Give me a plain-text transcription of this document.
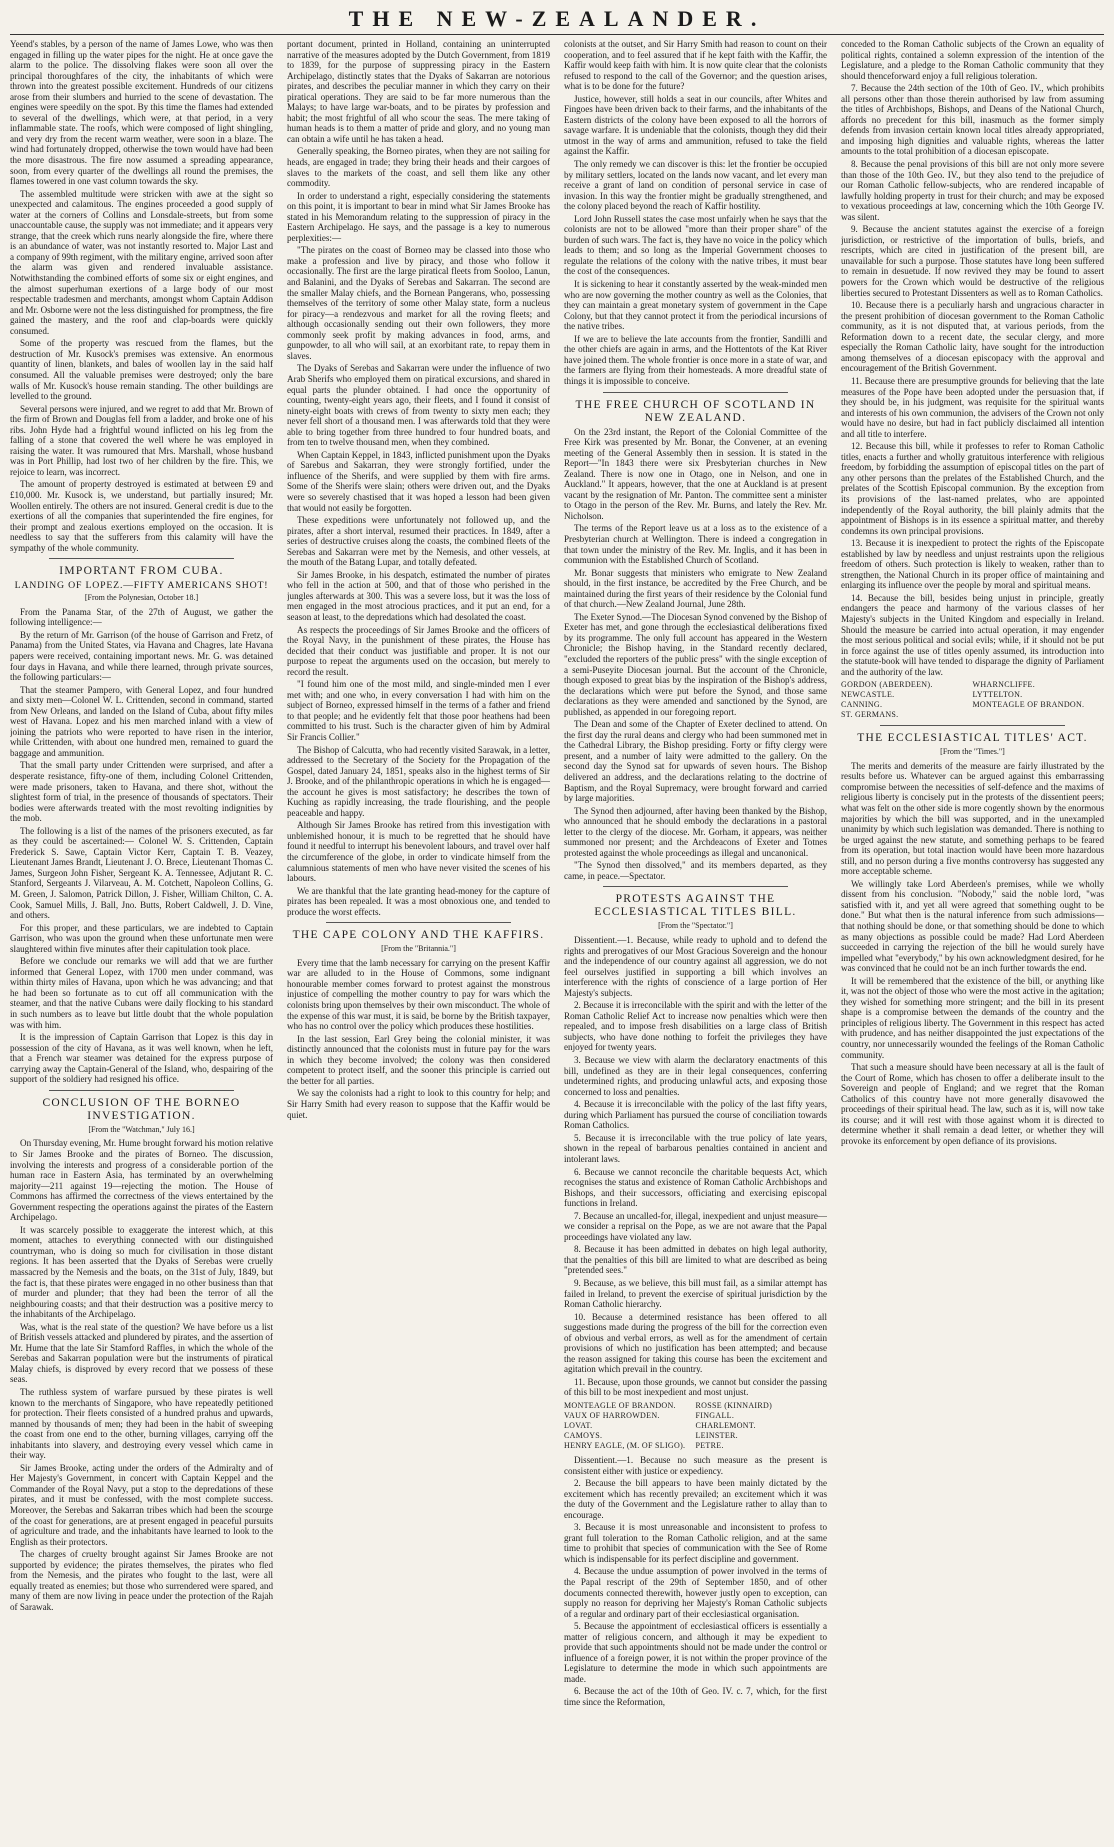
THE NEW-ZEALANDER.

Yeend's stables, by a person of the name of James Lowe, who was then engaged in filling up the water pipes for the night. He at once gave the alarm to the police. The dissolving flakes were soon all over the principal thoroughfares of the city, the inhabitants of which were thrown into the greatest possible excitement. Hundreds of our citizens arose from their slumbers and hurried to the scene of devastation. The engines were speedily on the spot. By this time the flames had extended to several of the dwellings, which were, at that period, in a very inflammable state. The roofs, which were composed of light shingling, and very dry from the recent warm weather, were soon in a blaze. The wind had fortunately dropped, otherwise the town would have had been the more disastrous. The fire now assumed a spreading appearance, soon, from every quarter of the dwellings all round the premises, the flames towered in one vast column towards the sky.

The assembled multitude were stricken with awe at the sight so unexpected and calamitous. The engines proceeded a good supply of water at the corners of Collins and Lonsdale-streets, but from some unaccountable cause, the supply was not immediate; and it appears very strange, that the creek which runs nearly alongside the fire, where there is an abundance of water, was not instantly resorted to. Major Last and a company of 99th regiment, with the military engine, arrived soon after the alarm was given and rendered invaluable assistance. Notwithstanding the combined efforts of some six or eight engines, and the almost superhuman exertions of a large body of our most respectable tradesmen and merchants, amongst whom Captain Addison and Mr. Osborne were not the less distinguished for promptness, the fire gained the mastery, and the roof and clap-boards were quickly consumed.

Some of the property was rescued from the flames, but the destruction of Mr. Kusock's premises was extensive. An enormous quantity of linen, blankets, and bales of woollen lay in the said half consumed. All the valuable premises were destroyed; only the bare walls of Mr. Kusock's house remain standing. The other buildings are levelled to the ground.

Several persons were injured, and we regret to add that Mr. Brown of the firm of Brown and Douglas fell from a ladder, and broke one of his ribs. John Hyde had a frightful wound inflicted on his leg from the falling of a stone that covered the well where he was employed in raising the water. It was rumoured that Mrs. Marshall, whose husband was in Port Phillip, had lost two of her children by the fire. This, we rejoice to learn, was incorrect.

The amount of property destroyed is estimated at between £9 and £10,000. Mr. Kusock is, we understand, but partially insured; Mr. Woollen entirely. The others are not insured. General credit is due to the exertions of all the companies that superintended the fire engines, for their prompt and zealous exertions employed on the occasion. It is needless to say that the sufferers from this calamity will have the sympathy of the whole community.

IMPORTANT FROM CUBA.
LANDING OF LOPEZ.—FIFTY AMERICANS SHOT!
[From the Polynesian, October 18.]

From the Panama Star, of the 27th of August, we gather the following intelligence:—

By the return of Mr. Garrison (of the house of Garrison and Fretz, of Panama) from the United States, via Havana and Chagres, late Havana papers were received, containing important news. Mr. G. was detained four days in Havana, and while there learned, through private sources, the following particulars:—

That the steamer Pampero, with General Lopez, and four hundred and sixty men—Colonel W. L. Crittenden, second in command, started from New Orleans, and landed on the Island of Cuba, about fifty miles west of Havana. Lopez and his men marched inland with a view of joining the patriots who were reported to have risen in the interior, while Crittenden, with about one hundred men, remained to guard the baggage and ammunition.

That the small party under Crittenden were surprised, and after a desperate resistance, fifty-one of them, including Colonel Crittenden, were made prisoners, taken to Havana, and there shot, without the slightest form of trial, in the presence of thousands of spectators. Their bodies were afterwards treated with the most revolting indignities by the mob.

The following is a list of the names of the prisoners executed, as far as they could be ascertained:— Colonel W. S. Crittenden, Captain Frederick S. Sawe, Captain Victor Kerr, Captain T. B. Veazey, Lieutenant James Brandt, Lieutenant J. O. Brece, Lieutenant Thomas C. James, Surgeon John Fisher, Sergeant K. A. Tennessee, Adjutant R. C. Stanford, Sergeants J. Vilarveau, A. M. Cotchett, Napoleon Collins, G. M. Green, J. Salomon, Patrick Dillon, J. Fisher, William Chilton, C. A. Cook, Samuel Mills, J. Ball, Jno. Butts, Robert Caldwell, J. D. Vine, and others.

For this proper, and these particulars, we are indebted to Captain Garrison, who was upon the ground when these unfortunate men were slaughtered within five minutes after their capitulation took place.

Before we conclude our remarks we will add that we are further informed that General Lopez, with 1700 men under command, was within thirty miles of Havana, upon which he was advancing; and that he had been so fortunate as to cut off all communication with the steamer, and that the native Cubans were daily flocking to his standard in such numbers as to leave but little doubt that the whole population was with him.

It is the impression of Captain Garrison that Lopez is this day in possession of the city of Havana, as it was well known, when he left, that a French war steamer was detained for the express purpose of carrying away the Captain-General of the Island, who, despairing of the support of the soldiery had resigned his office.

CONCLUSION OF THE BORNEO INVESTIGATION.
[From the "Watchman," July 16.]

On Thursday evening, Mr. Hume brought forward his motion relative to Sir James Brooke and the pirates of Borneo. The discussion, involving the interests and progress of a considerable portion of the human race in Eastern Asia, has terminated by an overwhelming majority—211 against 19—rejecting the motion. The House of Commons has affirmed the correctness of the views entertained by the Government respecting the operations against the pirates of the Eastern Archipelago.

It was scarcely possible to exaggerate the interest which, at this moment, attaches to everything connected with our distinguished countryman, who is doing so much for civilisation in those distant regions. It has been asserted that the Dyaks of Serebas were cruelly massacred by the Nemesis and the boats, on the 31st of July, 1849, but the fact is, that these pirates were engaged in no other business than that of murder and plunder; that they had been the terror of all the neighbouring coasts; and that their destruction was a positive mercy to the inhabitants of the Archipelago.

Was, what is the real state of the question? We have before us a list of British vessels attacked and plundered by pirates, and the assertion of Mr. Hume that the late Sir Stamford Raffles, in which the whole of the Serebas and Sakarran population were but the instruments of piratical Malay chiefs, is disproved by every record that we possess of these seas.

The ruthless system of warfare pursued by these pirates is well known to the merchants of Singapore, who have repeatedly petitioned for protection. Their fleets consisted of a hundred prahus and upwards, manned by thousands of men; they had been in the habit of sweeping the coast from one end to the other, burning villages, carrying off the inhabitants into slavery, and destroying every vessel which came in their way.

Sir James Brooke, acting under the orders of the Admiralty and of Her Majesty's Government, in concert with Captain Keppel and the Commander of the Royal Navy, put a stop to the depredations of these pirates, and it must be confessed, with the most complete success. Moreover, the Serebas and Sakarran tribes which had been the scourge of the coast for generations, are at present engaged in peaceful pursuits of agriculture and trade, and the inhabitants have learned to look to the English as their protectors.

The charges of cruelty brought against Sir James Brooke are not supported by evidence; the pirates themselves, the pirates who fled from the Nemesis, and the pirates who fought to the last, were all equally treated as enemies; but those who surrendered were spared, and many of them are now living in peace under the protection of the Rajah of Sarawak.

portant document, printed in Holland, containing an uninterrupted narrative of the measures adopted by the Dutch Government, from 1819 to 1839, for the purpose of suppressing piracy in the Eastern Archipelago, distinctly states that the Dyaks of Sakarran are notorious pirates, and describes the peculiar manner in which they carry on their piratical operations. They are said to be far more numerous than the Malays; to have large war-boats, and to be pirates by profession and habit; the most frightful of all who scour the seas. The mere taking of human heads is to them a matter of pride and glory, and no young man can obtain a wife until he has taken a head.

Generally speaking, the Borneo pirates, when they are not sailing for heads, are engaged in trade; they bring their heads and their cargoes of slaves to the markets of the coast, and sell them like any other commodity.

In order to understand a right, especially considering the statements on this point, it is important to bear in mind what Sir James Brooke has stated in his Memorandum relating to the suppression of piracy in the Eastern Archipelago. He says, and the passage is a key to numerous perplexities:—

"The pirates on the coast of Borneo may be classed into those who make a profession and live by piracy, and those who follow it occasionally. The first are the large piratical fleets from Sooloo, Lanun, and Balanini, and the Dyaks of Serebas and Sakarran. The second are the smaller Malay chiefs, and the Bornean Pangerans, who, possessing themselves of the territory of some other Malay state, form a nucleus for piracy—a rendezvous and market for all the roving fleets; and although occasionally sending out their own followers, they more commonly seek profit by making advances in food, arms, and gunpowder, to all who will sail, at an exorbitant rate, to repay them in slaves.

The Dyaks of Serebas and Sakarran were under the influence of two Arab Sherifs who employed them on piratical excursions, and shared in equal parts the plunder obtained. I had once the opportunity of counting, twenty-eight years ago, their fleets, and I found it consist of ninety-eight boats with crews of from twenty to sixty men each; they never fell short of a thousand men. I was afterwards told that they were able to bring together from three hundred to four hundred boats, and from ten to twelve thousand men, when they combined.

When Captain Keppel, in 1843, inflicted punishment upon the Dyaks of Sarebus and Sakarran, they were strongly fortified, under the influence of the Sherifs, and were supplied by them with fire arms. Some of the Sherifs were slain; others were driven out, and the Dyaks were so severely chastised that it was hoped a lesson had been given that would not easily be forgotten.

These expeditions were unfortunately not followed up, and the pirates, after a short interval, resumed their practices. In 1849, after a series of destructive cruises along the coasts, the combined fleets of the Serebas and Sakarran were met by the Nemesis, and other vessels, at the mouth of the Batang Lupar, and totally defeated.

Sir James Brooke, in his despatch, estimated the number of pirates who fell in the action at 500, and that of those who perished in the jungles afterwards at 300. This was a severe loss, but it was the loss of men engaged in the most atrocious practices, and it put an end, for a season at least, to the depredations which had desolated the coast.

As respects the proceedings of Sir James Brooke and the officers of the Royal Navy, in the punishment of these pirates, the House has decided that their conduct was justifiable and proper. It is not our purpose to repeat the arguments used on the occasion, but merely to record the result.

"I found him one of the most mild, and single-minded men I ever met with; and one who, in every conversation I had with him on the subject of Borneo, expressed himself in the terms of a father and friend to that people; and he evidently felt that those poor heathens had been committed to his trust. Such is the character given of him by Admiral Sir Francis Collier."

The Bishop of Calcutta, who had recently visited Sarawak, in a letter, addressed to the Secretary of the Society for the Propagation of the Gospel, dated January 24, 1851, speaks also in the highest terms of Sir J. Brooke, and of the philanthropic operations in which he is engaged—the account he gives is most satisfactory; he describes the town of Kuching as rapidly increasing, the trade flourishing, and the people peaceable and happy.

Although Sir James Brooke has retired from this investigation with unblemished honour, it is much to be regretted that he should have found it needful to interrupt his benevolent labours, and travel over half the circumference of the globe, in order to vindicate himself from the calumnious statements of men who have never visited the scenes of his labours.

We are thankful that the late granting head-money for the capture of pirates has been repealed. It was a most obnoxious one, and tended to produce the worst effects.

THE CAPE COLONY AND THE KAFFIRS.
[From the "Britannia."]

Every time that the lamb necessary for carrying on the present Kaffir war are alluded to in the House of Commons, some indignant honourable member comes forward to protest against the monstrous injustice of compelling the mother country to pay for wars which the colonists bring upon themselves by their own misconduct. The whole of the expense of this war must, it is said, be borne by the British taxpayer, who has no control over the policy which produces these hostilities.

In the last session, Earl Grey being the colonial minister, it was distinctly announced that the colonists must in future pay for the wars in which they become involved; the colony was then considered competent to protect itself, and the sooner this principle is carried out the better for all parties.

We say the colonists had a right to look to this country for help; and Sir Harry Smith had every reason to suppose that the Kaffir would be quiet.

colonists at the outset, and Sir Harry Smith had reason to count on their cooperation, and to feel assured that if he kept faith with the Kaffir, the Kaffir would keep faith with him. It is now quite clear that the colonists refused to respond to the call of the Governor; and the question arises, what is to be done for the future?

Justice, however, still holds a seat in our councils, after Whites and Fingoes have been driven back to their farms, and the inhabitants of the Eastern districts of the colony have been exposed to all the horrors of savage warfare. It is undeniable that the colonists, though they did their utmost in the way of arms and ammunition, refused to take the field against the Kaffir.

The only remedy we can discover is this: let the frontier be occupied by military settlers, located on the lands now vacant, and let every man receive a grant of land on condition of personal service in case of invasion. In this way the frontier might be gradually strengthened, and the colony placed beyond the reach of Kaffir hostility.

Lord John Russell states the case most unfairly when he says that the colonists are not to be allowed "more than their proper share" of the burden of such wars. The fact is, they have no voice in the policy which leads to them; and so long as the Imperial Government chooses to regulate the relations of the colony with the native tribes, it must bear the cost of the consequences.

It is sickening to hear it constantly asserted by the weak-minded men who are now governing the mother country as well as the Colonies, that they can maintain a great monetary system of government in the Cape Colony, but that they cannot protect it from the periodical incursions of the native tribes.

If we are to believe the late accounts from the frontier, Sandilli and the other chiefs are again in arms, and the Hottentots of the Kat River have joined them. The whole frontier is once more in a state of war, and the farmers are flying from their homesteads. A more dreadful state of things it is impossible to conceive.

THE FREE CHURCH OF SCOTLAND IN NEW ZEALAND.

On the 23rd instant, the Report of the Colonial Committee of the Free Kirk was presented by Mr. Bonar, the Convener, at an evening meeting of the General Assembly then in session. It is stated in the Report—"In 1843 there were six Presbyterian churches in New Zealand. There is now one in Otago, one in Nelson, and one in Auckland." It appears, however, that the one at Auckland is at present vacant by the resignation of Mr. Panton. The committee sent a minister to Otago in the person of the Rev. Mr. Burns, and lately the Rev. Mr. Nicholson.

The terms of the Report leave us at a loss as to the existence of a Presbyterian church at Wellington. There is indeed a congregation in that town under the ministry of the Rev. Mr. Inglis, and it has been in communion with the Established Church of Scotland.

Mr. Bonar suggests that ministers who emigrate to New Zealand should, in the first instance, be accredited by the Free Church, and be maintained during the first years of their residence by the Colonial fund of that church.—New Zealand Journal, June 28th.

The Exeter Synod.—The Diocesan Synod convened by the Bishop of Exeter has met, and gone through the ecclesiastical deliberations fixed by its programme. The only full account has appeared in the Western Chronicle; the Bishop having, in the Standard recently declared, "excluded the reporters of the public press" with the single exception of a semi-Puseyite Diocesan journal. But the account of the Chronicle, though exposed to great bias by the inspiration of the Bishop's address, the declarations which were put before the Synod, and those same declarations as they were amended and sanctioned by the Synod, are published, as appended in our foregoing report.

The Dean and some of the Chapter of Exeter declined to attend. On the first day the rural deans and clergy who had been summoned met in the Cathedral Library, the Bishop presiding. Forty or fifty clergy were present, and a number of laity were admitted to the gallery. On the second day the Synod sat for upwards of seven hours. The Bishop delivered an address, and the declarations relating to the doctrine of Baptism, and the Royal Supremacy, were brought forward and carried by large majorities.

The Synod then adjourned, after having been thanked by the Bishop, who announced that he should embody the declarations in a pastoral letter to the clergy of the diocese. Mr. Gorham, it appears, was neither summoned nor present; and the Archdeacons of Exeter and Totnes protested against the whole proceedings as illegal and uncanonical.

"The Synod then dissolved," and its members departed, as they came, in peace.—Spectator.

PROTESTS AGAINST THE ECCLESIASTICAL TITLES BILL.
[From the "Spectator."]

Dissentient.—1. Because, while ready to uphold and to defend the rights and prerogatives of our Most Gracious Sovereign and the honour and the independence of our country against all aggression, we do not feel ourselves justified in supporting a bill which involves an interference with the rights of conscience of a large portion of Her Majesty's subjects.

2. Because it is irreconcilable with the spirit and with the letter of the Roman Catholic Relief Act to increase now penalties which were then repealed, and to impose fresh disabilities on a large class of British subjects, who have done nothing to forfeit the privileges they have enjoyed for twenty years.

3. Because we view with alarm the declaratory enactments of this bill, undefined as they are in their legal consequences, conferring undetermined rights, and producing unlawful acts, and exposing those concerned to loss and penalties.

4. Because it is irreconcilable with the policy of the last fifty years, during which Parliament has pursued the course of conciliation towards Roman Catholics.

5. Because it is irreconcilable with the true policy of late years, shown in the repeal of barbarous penalties contained in ancient and intolerant laws.

6. Because we cannot reconcile the charitable bequests Act, which recognises the status and existence of Roman Catholic Archbishops and Bishops, and their successors, officiating and exercising episcopal functions in Ireland.

7. Because an uncalled-for, illegal, inexpedient and unjust measure—we consider a reprisal on the Pope, as we are not aware that the Papal proceedings have violated any law.

8. Because it has been admitted in debates on high legal authority, that the penalties of this bill are limited to what are described as being "pretended sees."

9. Because, as we believe, this bill must fail, as a similar attempt has failed in Ireland, to prevent the exercise of spiritual jurisdiction by the Roman Catholic hierarchy.

10. Because a determined resistance has been offered to all suggestions made during the progress of the bill for the correction even of obvious and verbal errors, as well as for the amendment of certain provisions of which no justification has been attempted; and because the reason assigned for taking this course has been the excitement and agitation which prevail in the country.

11. Because, upon those grounds, we cannot but consider the passing of this bill to be most inexpedient and most unjust.

MONTEAGLE OF BRANDON.
VAUX OF HARROWDEN.
LOVAT.
CAMOYS.
HENRY EAGLE, (M. OF SLIGO).
ROSSE (KINNAIRD)
FINGALL.
CHARLEMONT.
LEINSTER.
PETRE.

Dissentient.—1. Because no such measure as the present is consistent either with justice or expediency.

2. Because the bill appears to have been mainly dictated by the excitement which has recently prevailed; an excitement which it was the duty of the Government and the Legislature rather to allay than to encourage.

3. Because it is most unreasonable and inconsistent to profess to grant full toleration to the Roman Catholic religion, and at the same time to prohibit that species of communication with the See of Rome which is indispensable for its perfect discipline and government.

4. Because the undue assumption of power involved in the terms of the Papal rescript of the 29th of September 1850, and of other documents connected therewith, however justly open to exception, can supply no reason for depriving her Majesty's Roman Catholic subjects of a regular and ordinary part of their ecclesiastical organisation.

5. Because the appointment of ecclesiastical officers is essentially a matter of religious concern, and although it may be expedient to provide that such appointments should not be made under the control or influence of a foreign power, it is not within the proper province of the Legislature to determine the mode in which such appointments are made.

6. Because the act of the 10th of Geo. IV. c. 7, which, for the first time since the Reformation,

conceded to the Roman Catholic subjects of the Crown an equality of political rights, contained a solemn expression of the intention of the Legislature, and a pledge to the Roman Catholic community that they should thenceforward enjoy a full religious toleration.

7. Because the 24th section of the 10th of Geo. IV., which prohibits all persons other than those therein authorised by law from assuming the titles of Archbishops, Bishops, and Deans of the National Church, affords no precedent for this bill, inasmuch as the former simply defends from invasion certain known local titles already appropriated, and imposing high dignities and valuable rights, whereas the latter amounts to the total prohibition of a diocesan episcopate.

8. Because the penal provisions of this bill are not only more severe than those of the 10th Geo. IV., but they also tend to the prejudice of our Roman Catholic fellow-subjects, who are rendered incapable of lawfully holding property in trust for their church; and may be exposed to vexatious proceedings at law, concerning which the 10th George IV. was silent.

9. Because the ancient statutes against the exercise of a foreign jurisdiction, or restrictive of the importation of bulls, briefs, and rescripts, which are cited in justification of the present bill, are unavailable for such a purpose. Those statutes have long been suffered to remain in desuetude. If now revived they may be found to assert powers for the Crown which would be destructive of the religious liberties secured to Protestant Dissenters as well as to Roman Catholics.

10. Because there is a peculiarly harsh and ungracious character in the present prohibition of diocesan government to the Roman Catholic community, as it is not disputed that, at various periods, from the Reformation down to a recent date, the secular clergy, and more especially the Roman Catholic laity, have sought for the introduction among themselves of a diocesan episcopacy with the approval and encouragement of the British Government.

11. Because there are presumptive grounds for believing that the late measures of the Pope have been adopted under the persuasion that, if they should be, in his judgment, was requisite for the spiritual wants and interests of his own communion, the advisers of the Crown not only would have no desire, but had in fact publicly disclaimed all intention and all title to interfere.

12. Because this bill, while it professes to refer to Roman Catholic titles, enacts a further and wholly gratuitous interference with religious freedom, by forbidding the assumption of episcopal titles on the part of any other persons than the prelates of the Established Church, and the prelates of the Scottish Episcopal communion. By the exception from its provisions of the last-named prelates, who are appointed independently of the Royal authority, the bill plainly admits that the appointment of Bishops is in its essence a spiritual matter, and thereby condemns its own principal provisions.

13. Because it is inexpedient to protect the rights of the Episcopate established by law by needless and unjust restraints upon the religious freedom of others. Such protection is likely to weaken, rather than to strengthen, the National Church in its proper office of maintaining and enlarging its influence over the people by moral and spiritual means.

14. Because the bill, besides being unjust in principle, greatly endangers the peace and harmony of the various classes of her Majesty's subjects in the United Kingdom and especially in Ireland. Should the measure be carried into actual operation, it may engender the most serious political and social evils; while, if it should not be put in force against the use of titles openly assumed, its introduction into the statute-book will have tended to disparage the dignity of Parliament and the authority of the law.

GORDON (ABERDEEN).
NEWCASTLE.
CANNING.
ST. GERMANS.
WHARNCLIFFE.
LYTTELTON.
MONTEAGLE OF BRANDON.
THE ECCLESIASTICAL TITLES' ACT.
[From the "Times."]

The merits and demerits of the measure are fairly illustrated by the results before us. Whatever can be argued against this embarrassing compromise between the necessities of self-defence and the maxims of religious liberty is concisely put in the protests of the dissentient peers; what was felt on the other side is more cogently shown by the enormous majorities by which the bill was supported, and in the unexampled unanimity by which such legislation was demanded. There is nothing to be urged against the new statute, and something perhaps to be feared from its operation, but total inaction would have been more hazardous still, and no person during a five months controversy has suggested any more acceptable scheme.

We willingly take Lord Aberdeen's premises, while we wholly dissent from his conclusion. "Nobody," said the noble lord, "was satisfied with it, and yet all were agreed that something ought to be done." But what then is the natural inference from such admissions—that nothing should be done, or that something should be done to which as many objections as possible could be made? Had Lord Aberdeen succeeded in carrying the rejection of the bill he would surely have impelled what "everybody," by his own acknowledgment desired, for he was convinced that he could not be an inch further towards the end.

It will be remembered that the existence of the bill, or anything like it, was not the object of those who were the most active in the agitation; they wished for something more stringent; and the bill in its present shape is a compromise between the demands of the country and the principles of religious liberty. The Government in this respect has acted with prudence, and has neither disappointed the just expectations of the country, nor unnecessarily wounded the feelings of the Roman Catholic community.

That such a measure should have been necessary at all is the fault of the Court of Rome, which has chosen to offer a deliberate insult to the Sovereign and people of England; and we regret that the Roman Catholics of this country have not more generally disavowed the proceedings of their spiritual head. The law, such as it is, will now take its course; and it will rest with those against whom it is directed to determine whether it shall remain a dead letter, or whether they will provoke its enforcement by open defiance of its provisions.
